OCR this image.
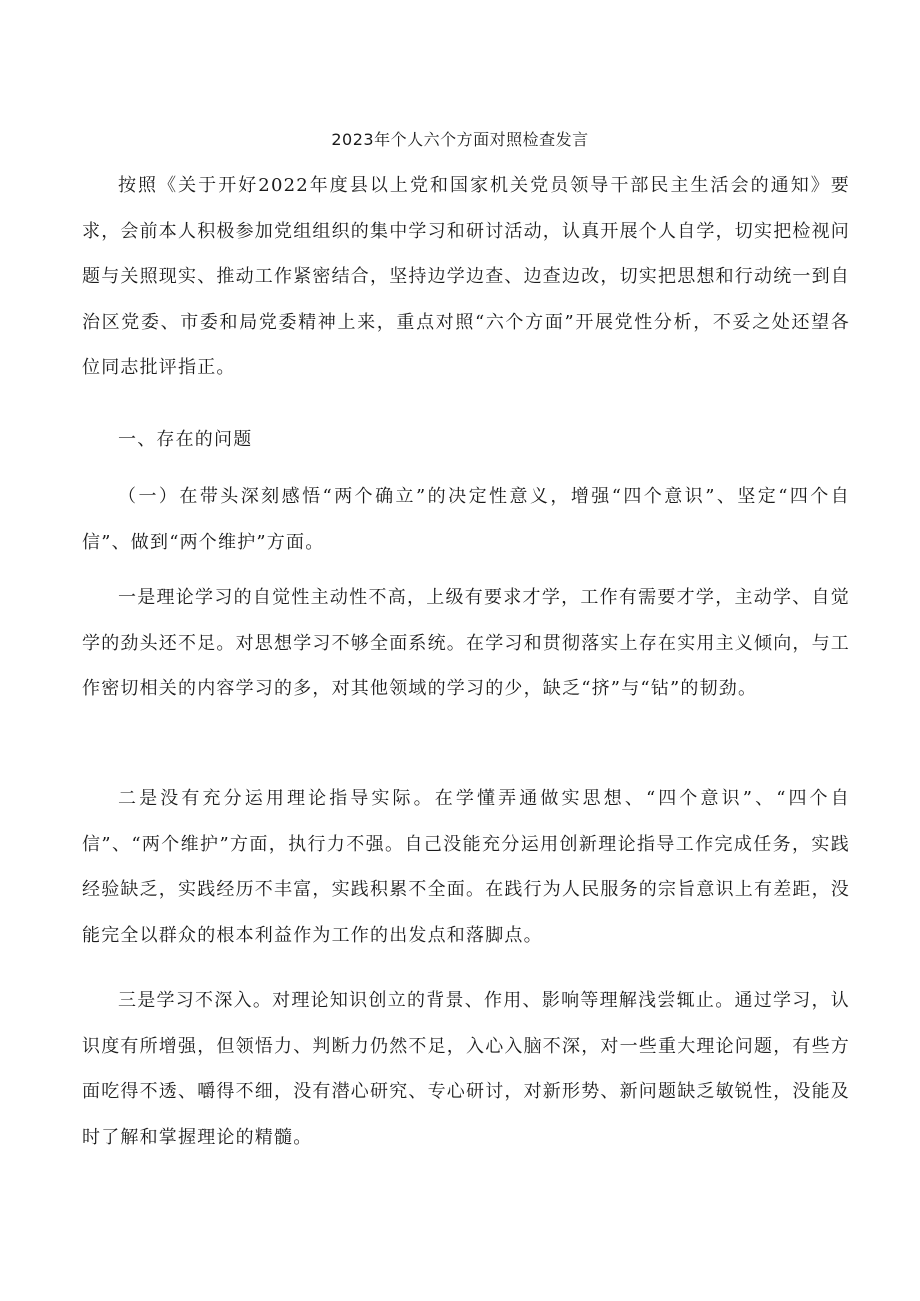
2023年个人六个方面对照检查发言

按照《关于开好2022年度县以上党和国家机关党员领导干部民主生活会的通知》要求，会前本人积极参加党组组织的集中学习和研讨活动，认真开展个人自学，切实把检视问题与关照现实、推动工作紧密结合，坚持边学边查、边查边改，切实把思想和行动统一到自治区党委、市委和局党委精神上来，重点对照“六个方面”开展党性分析，不妥之处还望各位同志批评指正。

一、存在的问题

（一）在带头深刻感悟“两个确立”的决定性意义，增强“四个意识”、坚定“四个自信”、做到“两个维护”方面。

一是理论学习的自觉性主动性不高，上级有要求才学，工作有需要才学，主动学、自觉学的劲头还不足。对思想学习不够全面系统。在学习和贯彻落实上存在实用主义倾向，与工作密切相关的内容学习的多，对其他领域的学习的少，缺乏“挤”与“钻”的韧劲。

二是没有充分运用理论指导实际。在学懂弄通做实思想、“四个意识”、“四个自信”、“两个维护”方面，执行力不强。自己没能充分运用创新理论指导工作完成任务，实践经验缺乏，实践经历不丰富，实践积累不全面。在践行为人民服务的宗旨意识上有差距，没能完全以群众的根本利益作为工作的出发点和落脚点。

三是学习不深入。对理论知识创立的背景、作用、影响等理解浅尝辄止。通过学习，认识度有所增强，但领悟力、判断力仍然不足，入心入脑不深，对一些重大理论问题，有些方面吃得不透、嚼得不细，没有潜心研究、专心研讨，对新形势、新问题缺乏敏锐性，没能及时了解和掌握理论的精髓。
